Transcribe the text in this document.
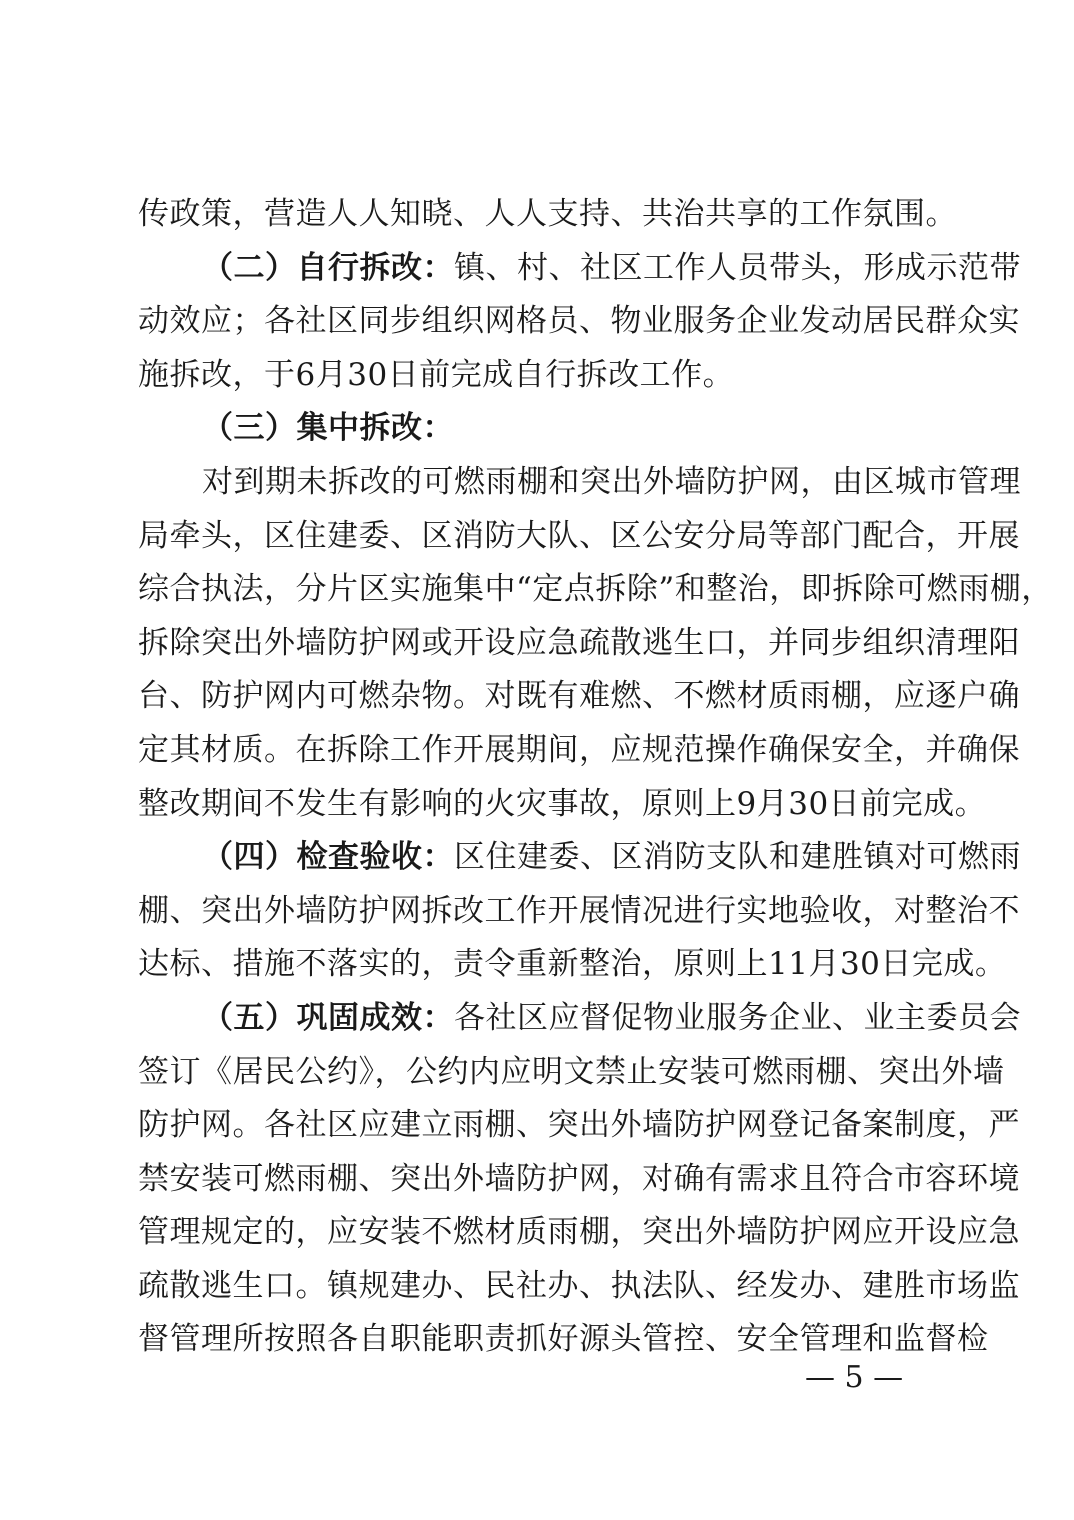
传政策，营造人人知晓、人人支持、共治共享的工作氛围。
（二）自行拆改：镇、村、社区工作人员带头，形成示范带
动效应；各社区同步组织网格员、物业服务企业发动居民群众实
施拆改，于6月30日前完成自行拆改工作。
（三）集中拆改：
对到期未拆改的可燃雨棚和突出外墙防护网，由区城市管理
局牵头，区住建委、区消防大队、区公安分局等部门配合，开展
综合执法，分片区实施集中“定点拆除”和整治，即拆除可燃雨棚，
拆除突出外墙防护网或开设应急疏散逃生口，并同步组织清理阳
台、防护网内可燃杂物。对既有难燃、不燃材质雨棚，应逐户确
定其材质。在拆除工作开展期间，应规范操作确保安全，并确保
整改期间不发生有影响的火灾事故，原则上9月30日前完成。
（四）检查验收：区住建委、区消防支队和建胜镇对可燃雨
棚、突出外墙防护网拆改工作开展情况进行实地验收，对整治不
达标、措施不落实的，责令重新整治，原则上11月30日完成。
（五）巩固成效：各社区应督促物业服务企业、业主委员会
签订《居民公约》，公约内应明文禁止安装可燃雨棚、突出外墙
防护网。各社区应建立雨棚、突出外墙防护网登记备案制度，严
禁安装可燃雨棚、突出外墙防护网，对确有需求且符合市容环境
管理规定的，应安装不燃材质雨棚，突出外墙防护网应开设应急
疏散逃生口。镇规建办、民社办、执法队、经发办、建胜市场监
督管理所按照各自职能职责抓好源头管控、安全管理和监督检
— 5 —
